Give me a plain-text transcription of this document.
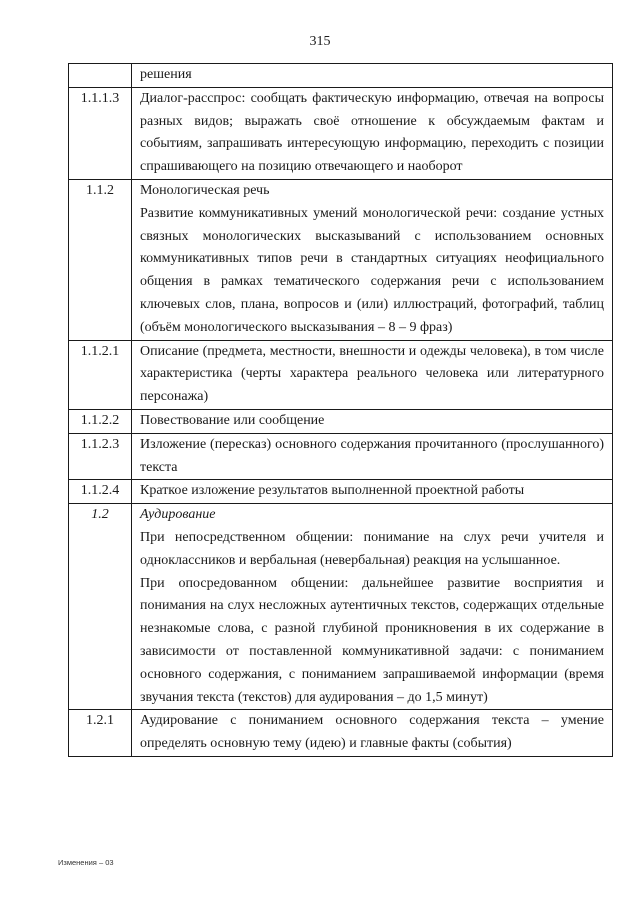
315

	решения

1.1.1.3	Диалог-расспрос: сообщать фактическую информацию, отвечая на вопросы разных видов; выражать своё отношение к обсуждаемым фактам и событиям, запрашивать интересующую информацию, переходить с позиции спрашивающего на позицию отвечающего и наоборот

1.1.2	Монологическая речь

Развитие коммуникативных умений монологической речи: создание устных связных монологических высказываний с использованием основных коммуникативных типов речи в стандартных ситуациях неофициального общения в рамках тематического содержания речи с использованием ключевых слов, плана, вопросов и (или) иллюстраций, фотографий, таблиц (объём монологического высказывания – 8 – 9 фраз)

1.1.2.1	Описание (предмета, местности, внешности и одежды человека), в том числе характеристика (черты характера реального человека или литературного персонажа)

1.1.2.2	Повествование или сообщение

1.1.2.3	Изложение (пересказ) основного содержания прочитанного (прослушанного) текста

1.1.2.4	Краткое изложение результатов выполненной проектной работы

1.2	Аудирование

При непосредственном общении: понимание на слух речи учителя и одноклассников и вербальная (невербальная) реакция на услышанное.

При опосредованном общении: дальнейшее развитие восприятия и понимания на слух несложных аутентичных текстов, содержащих отдельные незнакомые слова, с разной глубиной проникновения в их содержание в зависимости от поставленной коммуникативной задачи: с пониманием основного содержания, с пониманием запрашиваемой информации (время звучания текста (текстов) для аудирования – до 1,5 минут)

1.2.1	Аудирование с пониманием основного содержания текста – умение определять основную тему (идею) и главные факты (события)

Изменения – 03
